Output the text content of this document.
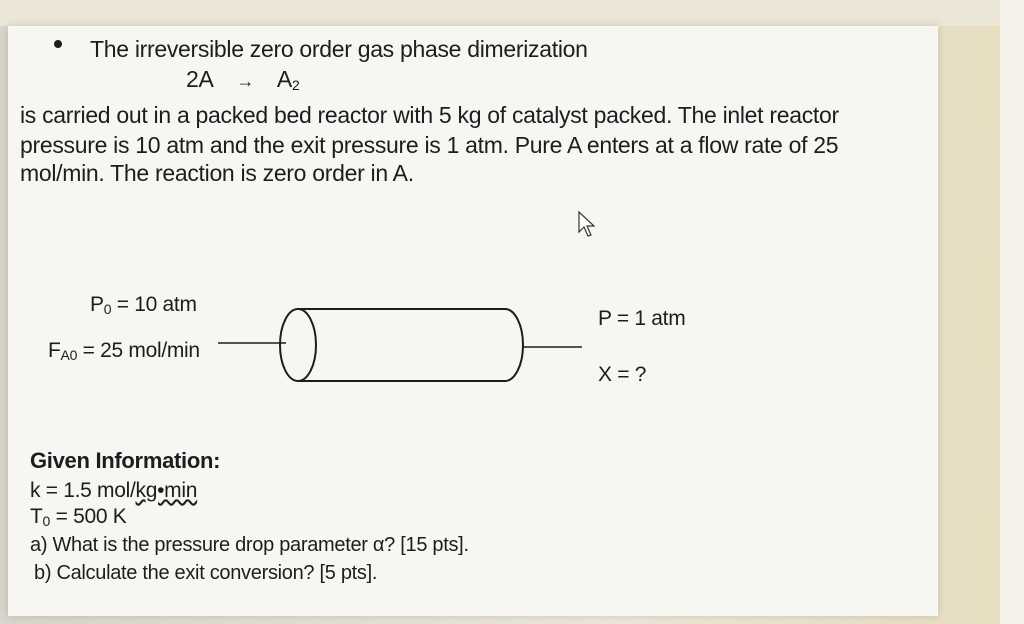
The irreversible zero order gas phase dimerization
$2A \to A_2$
is carried out in a packed bed reactor with 5 kg of catalyst packed. The inlet reactor
pressure is 10 atm and the exit pressure is 1 atm. Pure A enters at a flow rate of 25
mol/min. The reaction is zero order in A.
$P_0 = 10$ atm
$F_{A0} = 25$ mol/min
P = 1 atm
X = ?
Given Information:
k = 1.5 mol/kg•min
$T_0 = 500$ K
a) What is the pressure drop parameter α? [15 pts].
b) Calculate the exit conversion? [5 pts].
